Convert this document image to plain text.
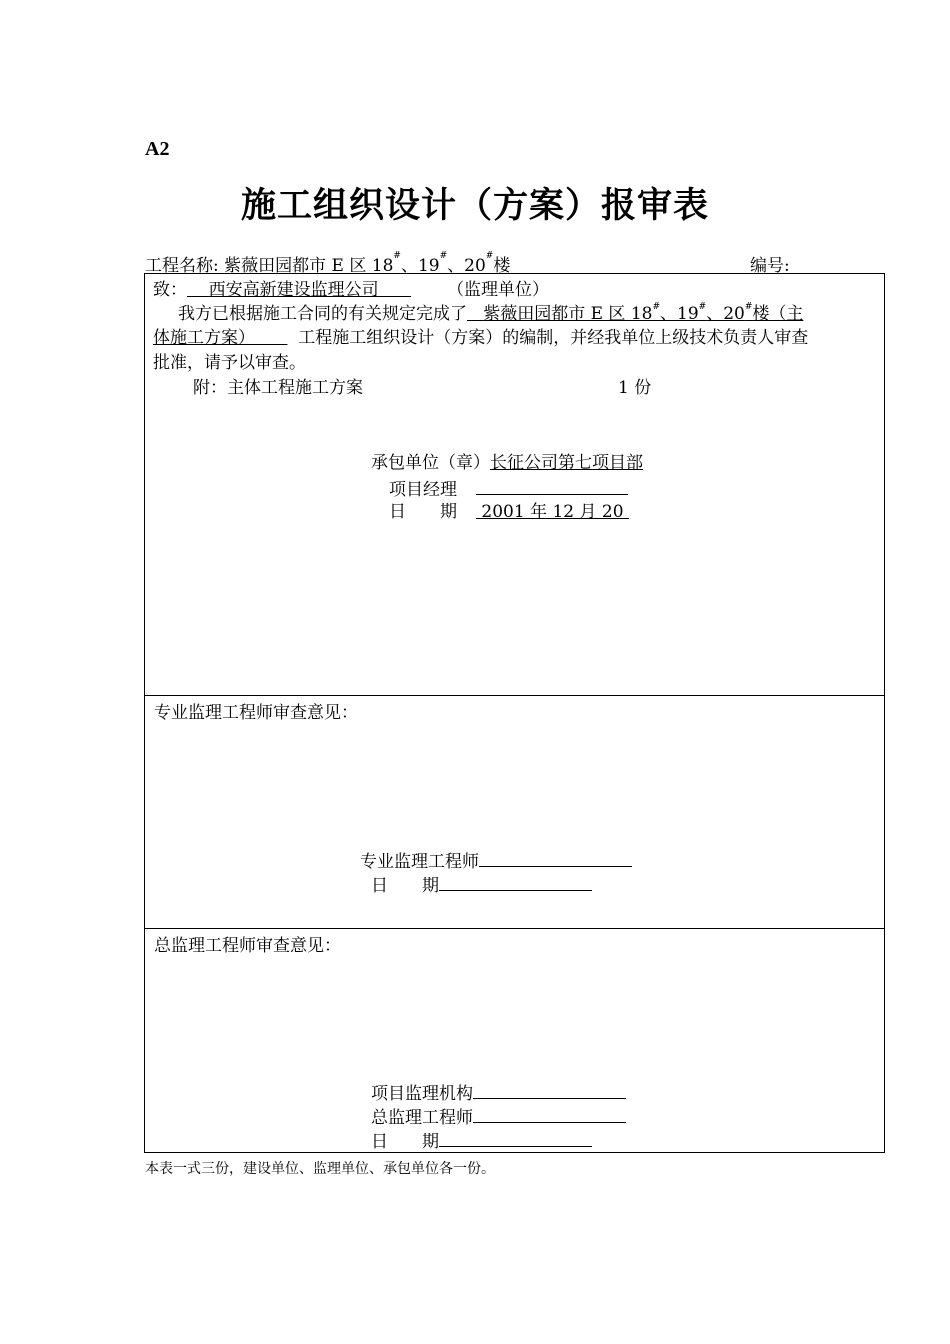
A2
施工组织设计（方案）报审表
工程名称: 紫薇田园都市 E 区 18#、19#、20#楼	编号:
致： 西安高新建设监理公司	（监理单位）
我方已根据施工合同的有关规定完成了 紫薇田园都市 E 区 18#、19#、20#楼（主
体施工方案）	工程施工组织设计（方案）的编制，并经我单位上级技术负责人审查
批准，请予以审查。
附：主体工程施工方案	1 份
承包单位（章）长征公司第七项目部
项目经理
日　　期 2001 年 12 月 20
专业监理工程师审查意见：
专业监理工程师
日　　期
总监理工程师审查意见：
项目监理机构
总监理工程师
日　　期
本表一式三份，建设单位、监理单位、承包单位各一份。
